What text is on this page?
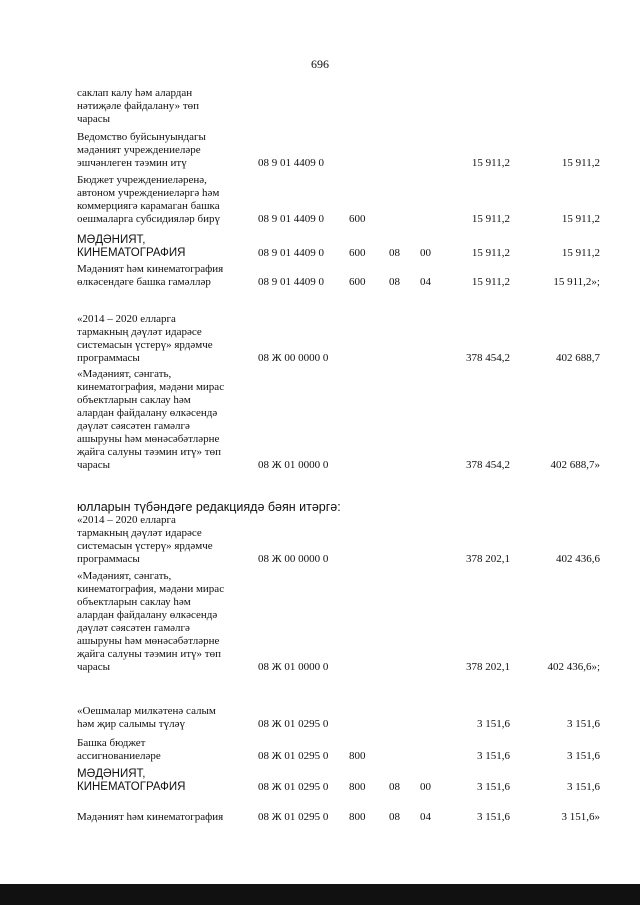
696
саклап калу һәм алардан
нәтиҗәле файдалану» төп
чарасы
Ведомство буйсынуындагы
мәдәният учреждениеләре
эшчәнлеген тәэмин итү	08 9 01 4409 0	15 911,2	15 911,2
Бюджет учреждениеләренә,
автоном учреждениеләргә һәм
коммерциягә карамаган башка
оешмаларга субсидияләр бирү	08 9 01 4409 0 600	15 911,2	15 911,2
МӘДӘНИЯТ,
КИНЕМАТОГРАФИЯ	08 9 01 4409 0 600 08 00	15 911,2	15 911,2
Мәдәният һәм кинематография
өлкәсендәге башка гамәлләр	08 9 01 4409 0 600 08 04	15 911,2	15 911,2»;
«2014 – 2020 елларга
тармакның дәүләт идарәсе
системасын үстерү» ярдәмче
программасы	08 Ж 00 0000 0	378 454,2	402 688,7
«Мәдәният, сәнгать,
кинематография, мәдәни мирас
объектларын саклау һәм
алардан файдалану өлкәсендә
дәүләт сәясәтен гамәлгә
ашыруны һәм мөнәсәбәтләрне
җайга салуны тәэмин итү» төп
чарасы	08 Ж 01 0000 0	378 454,2	402 688,7»
юлларын түбәндәге редакциядә бәян итәргә:
«2014 – 2020 елларга
тармакның дәүләт идарәсе
системасын үстерү» ярдәмче
программасы	08 Ж 00 0000 0	378 202,1	402 436,6
«Мәдәният, сәнгать,
кинематография, мәдәни мирас
объектларын саклау һәм
алардан файдалану өлкәсендә
дәүләт сәясәтен гамәлгә
ашыруны һәм мөнәсәбәтләрне
җайга салуны тәэмин итү» төп
чарасы	08 Ж 01 0000 0	378 202,1	402 436,6»;
«Оешмалар милкәтенә салым
һәм җир салымы түләү	08 Ж 01 0295 0	3 151,6	3 151,6
Башка бюджет
ассигнованиеләре	08 Ж 01 0295 0 800	3 151,6	3 151,6
МӘДӘНИЯТ,
КИНЕМАТОГРАФИЯ	08 Ж 01 0295 0 800 08 00	3 151,6	3 151,6
Мәдәният һәм кинематография	08 Ж 01 0295 0 800 08 04	3 151,6	3 151,6»
